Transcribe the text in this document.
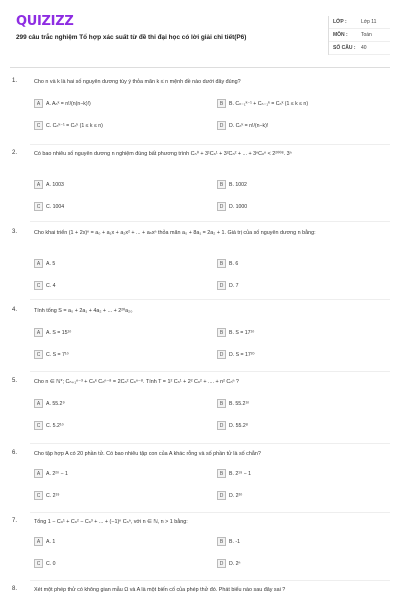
QUIZIZZ
299 câu trắc nghiệm Tổ hợp xác suất từ đề thi đại học có lời giải chi tiết(P6)
LỚP :	Lớp 11
MÔN :	Toán
SỐ CÂU :	40
1.	Cho n và k là hai số nguyên dương tùy ý thỏa mãn k ≤ n mệnh đề nào dưới đây đúng?
A	A. Aₙᵏ = n!/(n(n−k)!)	B	B. Cₙ₋₁ᵏ⁻¹ + Cₙ₋₁ᵏ = Cₙᵏ (1 ≤ k ≤ n)
C	C. Cₙᵏ⁻¹ = Cₙᵏ (1 ≤ k ≤ n)	D	D. Cₙᵏ = n!/(n−k)!
2.	Có bao nhiêu số nguyên dương n nghiệm đúng bất phương trình Cₙ⁰ + 3¹Cₙ¹ + 3²Cₙ² + ... + 3ⁿCₙⁿ < 2²⁰⁰⁸. 3ⁿ
A	A. 1003	B	B. 1002
C	C. 1004	D	D. 1000
3.	Cho khai triển (1 + 2x)ⁿ = a₀ + a₁x + a₂x² + ... + aₙxⁿ thỏa mãn a₀ + 8a₁ = 2a₂ + 1. Giá trị của số nguyên dương n bằng:
A	A. 5	B	B. 6
C	C. 4	D	D. 7
4.	Tính tổng S = a₀ + 2a₁ + 4a₂ + ... + 2²⁰a₂₀
A	A. S = 15¹⁰	B	B. S = 17¹⁰
C	C. S = 7¹⁰	D	D. S = 17²⁰
5.	Cho n ∈ ℕ*; Cₙ₊₁ⁿ⁻³ + Cₙᵏ Cₙⁿ⁻⁸ = 2Cₙ² Cₙⁿ⁻⁸. Tính T = 1² Cₙ¹ + 2² Cₙ² + .... + n² Cₙⁿ ?
A	A. 55.2⁹	B	B. 55.2¹⁰
C	C. 5.2¹⁰	D	D. 55.2⁸
6.	Cho tập hợp A có 20 phần tử. Có bao nhiêu tập con của A khác rỗng và số phần tử là số chẵn?
A	A. 2²⁰ − 1	B	B. 2¹⁹ − 1
C	C. 2¹⁹	D	D. 2²⁰
7.	Tổng 1 − Cₙ¹ + Cₙ² − Cₙ³ + ... + (−1)ⁿ Cₙⁿ, với n ∈ ℕ, n > 1 bằng:
A	A. 1	B	B. -1
C	C. 0	D	D. 2ⁿ
8.	Xét một phép thử có không gian mẫu Ω và A là một biến cố của phép thử đó. Phát biểu nào sau đây sai ?
